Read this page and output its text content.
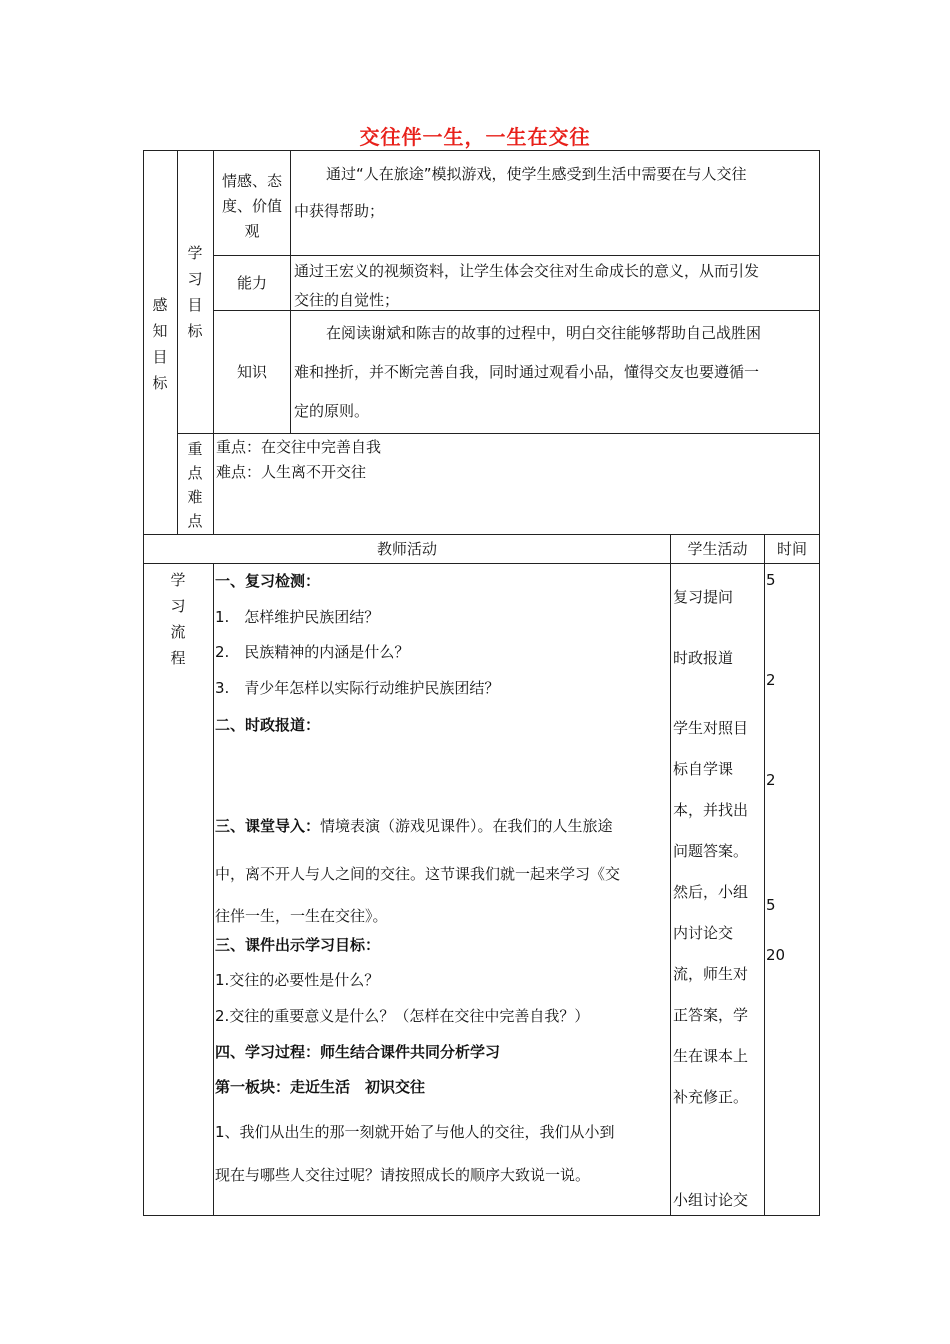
交往伴一生，一生在交往
感
知
目
标
学
习
目
标
情感、态
度、价值
观
通过“人在旅途”模拟游戏，使学生感受到生活中需要在与人交往
中获得帮助；
能力
通过王宏义的视频资料，让学生体会交往对生命成长的意义，从而引发
交往的自觉性；
知识
在阅读谢斌和陈吉的故事的过程中，明白交往能够帮助自己战胜困
难和挫折，并不断完善自我，同时通过观看小品，懂得交友也要遵循一
定的原则。
重
点
难
点
重点：在交往中完善自我
难点：人生离不开交往
教师活动	学生活动	时间
学
习
流
程
一、复习检测：
1.　怎样维护民族团结？
2.　民族精神的内涵是什么？
3.　青少年怎样以实际行动维护民族团结？
二、时政报道：
三、课堂导入：情境表演（游戏见课件）。在我们的人生旅途
中，离不开人与人之间的交往。这节课我们就一起来学习《交
往伴一生，一生在交往》。
三、课件出示学习目标：
1.交往的必要性是什么？
2.交往的重要意义是什么？（怎样在交往中完善自我？）
四、学习过程：师生结合课件共同分析学习
第一板块：走近生活　初识交往
1、我们从出生的那一刻就开始了与他人的交往，我们从小到
现在与哪些人交往过呢？请按照成长的顺序大致说一说。
复习提问
时政报道
学生对照目
标自学课
本，并找出
问题答案。
然后，小组
内讨论交
流，师生对
正答案，学
生在课本上
补充修正。
小组讨论交
5
2
2
5
20
